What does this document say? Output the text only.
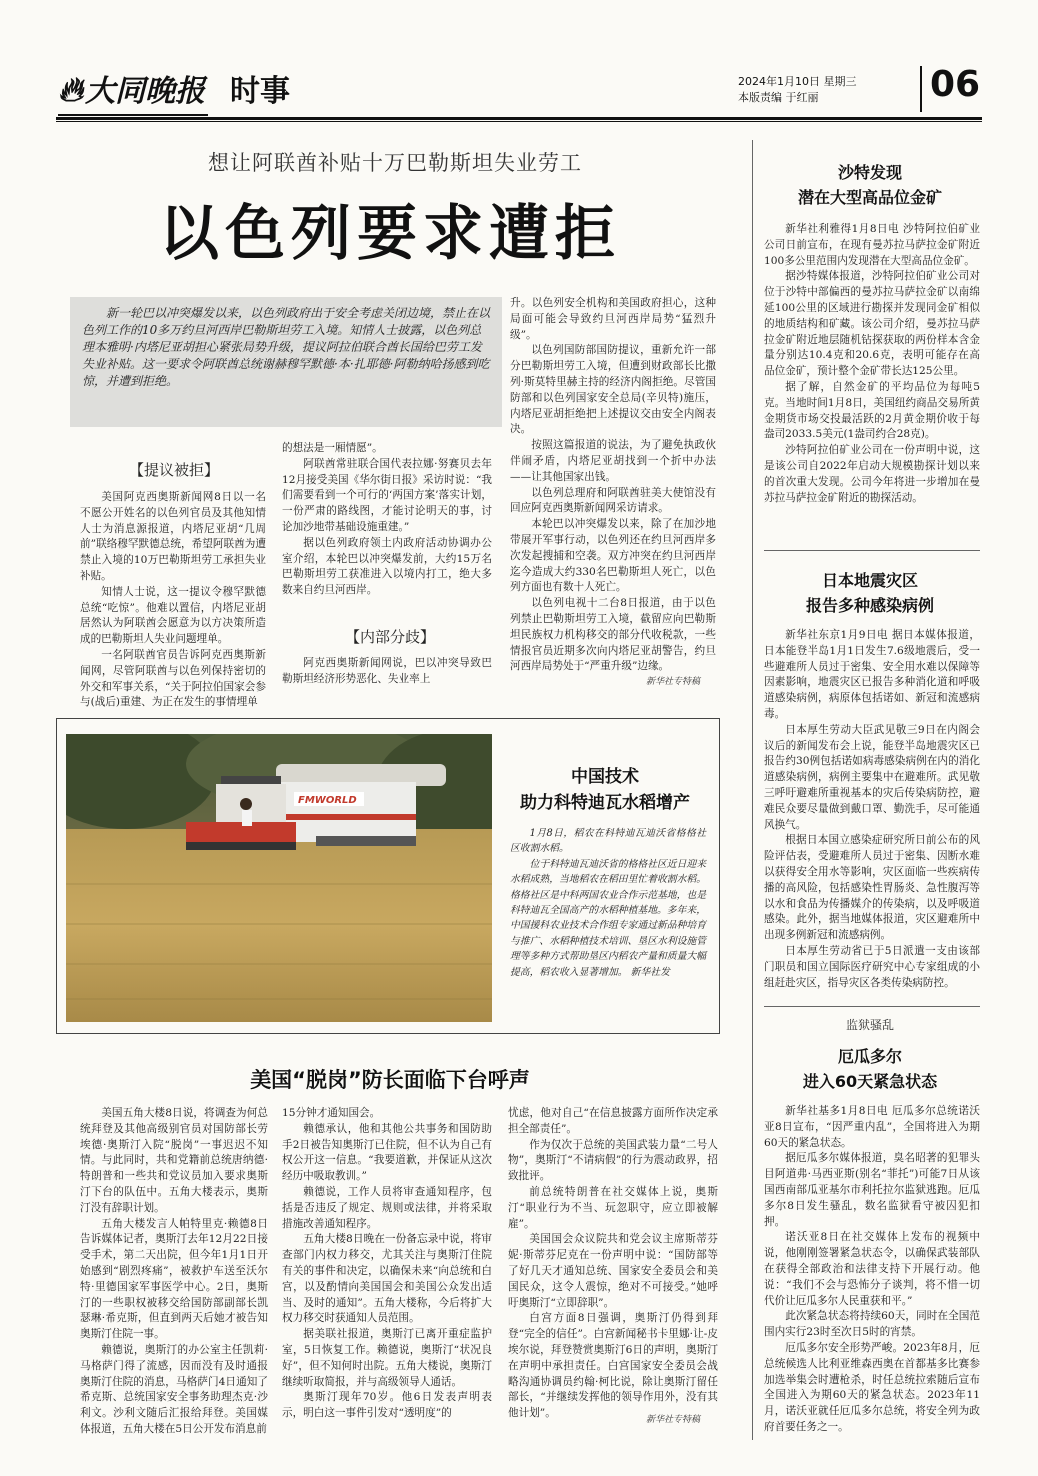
🔥︎大同晚报 时事	2024年1月10日 星期三
本版责编 于红丽	06
想让阿联酋补贴十万巴勒斯坦失业劳工
以色列要求遭拒
新一轮巴以冲突爆发以来，以色列政府出于安全考虑关闭边境，禁止在以色列工作的10多万约旦河西岸巴勒斯坦劳工入境。知情人士披露，以色列总理本雅明·内塔尼亚胡担心紧张局势升级，提议阿拉伯联合酋长国给巴劳工发失业补贴。这一要求令阿联酋总统谢赫穆罕默德·本·扎耶德·阿勒纳哈扬感到吃惊，并遭到拒绝。
【提议被拒】

美国阿克西奥斯新闻网8日以一名不愿公开姓名的以色列官员及其他知情人士为消息源报道，内塔尼亚胡“几周前”联络穆罕默德总统，希望阿联酋为遭禁止入境的10万巴勒斯坦劳工承担失业补贴。

知情人士说，这一提议令穆罕默德总统“吃惊”。他难以置信，内塔尼亚胡居然认为阿联酋会愿意为以方决策所造成的巴勒斯坦人失业问题埋单。

一名阿联酋官员告诉阿克西奥斯新闻网，尽管阿联酋与以色列保持密切的外交和军事关系，“关于阿拉伯国家会参与(战后)重建、为正在发生的事情埋单

的想法是一厢情愿”。

阿联酋常驻联合国代表拉娜·努赛贝去年12月接受美国《华尔街日报》采访时说：“我们需要看到一个可行的‘两国方案’落实计划，一份严肃的路线图，才能讨论明天的事，讨论加沙地带基础设施重建。”

据以色列政府领土内政府活动协调办公室介绍，本轮巴以冲突爆发前，大约15万名巴勒斯坦劳工获准进入以境内打工，绝大多数来自约旦河西岸。

【内部分歧】

阿克西奥斯新闻网说，巴以冲突导致巴勒斯坦经济形势恶化、失业率上

升。以色列安全机构和美国政府担心，这种局面可能会导致约旦河西岸局势“猛烈升级”。

以色列国防部国防提议，重新允许一部分巴勒斯坦劳工入境，但遭到财政部长比撒列·斯莫特里赫主持的经济内阁拒绝。尽管国防部和以色列国家安全总局(辛贝特)施压，内塔尼亚胡拒绝把上述提议交由安全内阁表决。

按照这篇报道的说法，为了避免执政伙伴闹矛盾，内塔尼亚胡找到一个折中办法——让其他国家出钱。

以色列总理府和阿联酋驻美大使馆没有回应阿克西奥斯新闻网采访请求。

本轮巴以冲突爆发以来，除了在加沙地带展开军事行动，以色列还在约旦河西岸多次发起搜捕和空袭。双方冲突在约旦河西岸迄今造成大约330名巴勒斯坦人死亡，以色列方面也有数十人死亡。

以色列电视十二台8日报道，由于以色列禁止巴勒斯坦劳工入境，截留应向巴勒斯坦民族权力机构移交的部分代收税款，一些情报官员近期多次向内塔尼亚胡警告，约旦河西岸局势处于“严重升级”边缘。

新华社专特稿
FMWORLD
中国技术
助力科特迪瓦水稻增产

1月8日，稻农在科特迪瓦迪沃省格格社区收割水稻。

位于科特迪瓦迪沃省的格格社区近日迎来水稻成熟，当地稻农在稻田里忙着收割水稻。格格社区是中科两国农业合作示范基地，也是科特迪瓦全国高产的水稻种植基地。多年来，中国援科农业技术合作组专家通过新品种培育与推广、水稻种植技术培训、垦区水利设施管理等多种方式帮助垦区内稻农产量和质量大幅提高，稻农收入显著增加。 新华社发

美国“脱岗”防长面临下台呼声

美国五角大楼8日说，将调查为何总统拜登及其他高级别官员对国防部长劳埃德·奥斯汀入院“脱岗”一事迟迟不知情。与此同时，共和党籍前总统唐纳德·特朗普和一些共和党议员加入要求奥斯汀下台的队伍中。五角大楼表示，奥斯汀没有辞职计划。

五角大楼发言人帕特里克·赖德8日告诉媒体记者，奥斯汀去年12月22日接受手术，第二天出院，但今年1月1日开始感到“剧烈疼痛”，被救护车送至沃尔特·里德国家军事医学中心。2日，奥斯汀的一些职权被移交给国防部副部长凯瑟琳·希克斯，但直到两天后她才被告知奥斯汀住院一事。

赖德说，奥斯汀的办公室主任凯莉·马格萨门得了流感，因而没有及时通报奥斯汀住院的消息，马格萨门4日通知了希克斯、总统国家安全事务助理杰克·沙利文。沙利文随后汇报给拜登。美国媒体报道，五角大楼在5日公开发布消息前

15分钟才通知国会。

赖德承认，他和其他公共事务和国防助手2日被告知奥斯汀已住院，但不认为自己有权公开这一信息。“我要道歉，并保证从这次经历中吸取教训。”

赖德说，工作人员将审查通知程序，包括是否违反了规定、规则或法律，并将采取措施改善通知程序。

五角大楼8日晚在一份备忘录中说，将审查部门内权力移交，尤其关注与奥斯汀住院有关的事件和决定，以确保未来“向总统和白宫，以及酌情向美国国会和美国公众发出适当、及时的通知”。五角大楼称，今后将扩大权力移交时获通知人员范围。

据美联社报道，奥斯汀已离开重症监护室，5日恢复工作。赖德说，奥斯汀“状况良好”，但不知何时出院。五角大楼说，奥斯汀继续听取简报，并与高级领导人通话。

奥斯汀现年70岁。他6日发表声明表示，明白这一事件引发对“透明度”的

忧虑，他对自己“在信息披露方面所作决定承担全部责任”。

作为仅次于总统的美国武装力量“二号人物”，奥斯汀“不请病假”的行为震动政界，招致批评。

前总统特朗普在社交媒体上说，奥斯汀“职业行为不当、玩忽职守，应立即被解雇”。

美国国会众议院共和党会议主席斯蒂芬妮·斯蒂芬尼克在一份声明中说：“国防部等了好几天才通知总统、国家安全委员会和美国民众，这令人震惊，绝对不可接受。”她呼吁奥斯汀“立即辞职”。

白宫方面8日强调，奥斯汀仍得到拜登“完全的信任”。白宫新闻秘书卡里娜·让-皮埃尔说，拜登赞赏奥斯汀6日的声明，奥斯汀在声明中承担责任。白宫国家安全委员会战略沟通协调员约翰·柯比说，除让奥斯汀留任部长，“并继续发挥他的领导作用外，没有其他计划”。

新华社专特稿
沙特发现
潜在大型高品位金矿

新华社利雅得1月8日电 沙特阿拉伯矿业公司日前宣布，在现有曼苏拉马萨拉金矿附近100多公里范围内发现潜在大型高品位金矿。

据沙特媒体报道，沙特阿拉伯矿业公司对位于沙特中部偏西的曼苏拉马萨拉金矿以南绵延100公里的区域进行勘探并发现同金矿相似的地质结构和矿藏。该公司介绍，曼苏拉马萨拉金矿附近地层随机钻探获取的两份样本含金量分别达10.4克和20.6克，表明可能存在高品位金矿，预计整个金矿带长达125公里。

据了解，自然金矿的平均品位为每吨5克。当地时间1月8日，美国纽约商品交易所黄金期货市场交投最活跃的2月黄金期价收于每盎司2033.5美元(1盎司约合28克)。

沙特阿拉伯矿业公司在一份声明中说，这是该公司自2022年启动大规模勘探计划以来的首次重大发现。公司今年将进一步增加在曼苏拉马萨拉金矿附近的勘探活动。

日本地震灾区
报告多种感染病例

新华社东京1月9日电 据日本媒体报道，日本能登半岛1月1日发生7.6级地震后，受一些避难所人员过于密集、安全用水难以保障等因素影响，地震灾区已报告多种消化道和呼吸道感染病例，病原体包括诺如、新冠和流感病毒。

日本厚生劳动大臣武见敬三9日在内阁会议后的新闻发布会上说，能登半岛地震灾区已报告约30例包括诺如病毒感染病例在内的消化道感染病例，病例主要集中在避难所。武见敬三呼吁避难所重视基本的灾后传染病防控，避难民众要尽量做到戴口罩、勤洗手，尽可能通风换气。

根据日本国立感染症研究所日前公布的风险评估表，受避难所人员过于密集、因断水难以获得安全用水等影响，灾区面临一些疾病传播的高风险，包括感染性胃肠炎、急性腹泻等以水和食品为传播媒介的传染病，以及呼吸道感染。此外，据当地媒体报道，灾区避难所中出现多例新冠和流感病例。

日本厚生劳动省已于5日派遣一支由该部门职员和国立国际医疗研究中心专家组成的小组赶赴灾区，指导灾区各类传染病防控。

监狱骚乱
厄瓜多尔
进入60天紧急状态

新华社基多1月8日电 厄瓜多尔总统诺沃亚8日宣布，“因严重内乱”，全国将进入为期60天的紧急状态。

据厄瓜多尔媒体报道，臭名昭著的犯罪头目阿道弗·马西亚斯(别名“菲托”)可能7日从该国西南部瓜亚基尔市利托拉尔监狱逃跑。厄瓜多尔8日发生骚乱，数名监狱看守被囚犯扣押。

诺沃亚8日在社交媒体上发布的视频中说，他刚刚签署紧急状态令，以确保武装部队在获得全部政治和法律支持下开展行动。他说：“我们不会与恐怖分子谈判，将不惜一切代价让厄瓜多尔人民重获和平。”

此次紧急状态将持续60天，同时在全国范围内实行23时至次日5时的宵禁。

厄瓜多尔安全形势严峻。2023年8月，厄总统候选人比利亚维森西奥在首都基多比赛参加选举集会时遭枪杀，时任总统拉索随后宣布全国进入为期60天的紧急状态。2023年11月，诺沃亚就任厄瓜多尔总统，将安全列为政府首要任务之一。
